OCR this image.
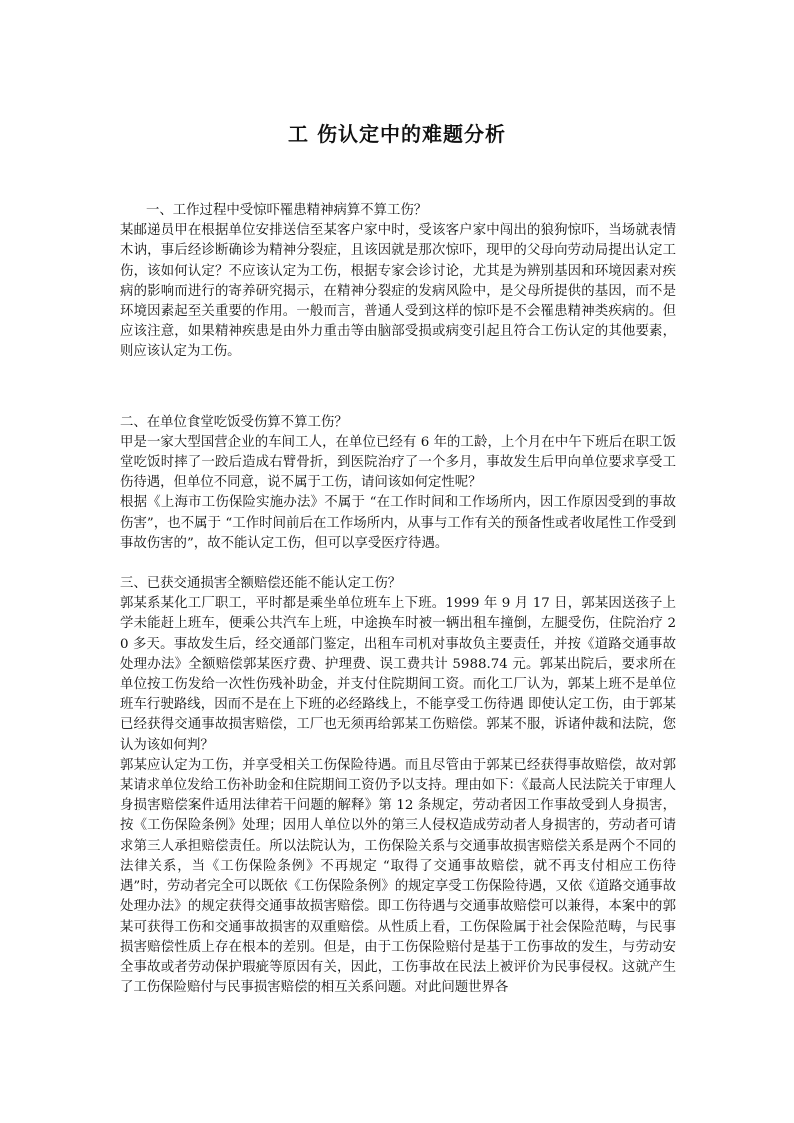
工 伤认定中的难题分析
一、工作过程中受惊吓罹患精神病算不算工伤？

某邮递员甲在根据单位安排送信至某客户家中时，受该客户家中闯出的狼狗惊吓，当场就表情木讷，事后经诊断确诊为精神分裂症，且该因就是那次惊吓，现甲的父母向劳动局提出认定工伤，该如何认定？不应该认定为工伤，根据专家会诊讨论，尤其是为辨别基因和环境因素对疾病的影响而进行的寄养研究揭示，在精神分裂症的发病风险中，是父母所提供的基因，而不是环境因素起至关重要的作用。一般而言，普通人受到这样的惊吓是不会罹患精神类疾病的。但应该注意，如果精神疾患是由外力重击等由脑部受损或病变引起且符合工伤认定的其他要素，则应该认定为工伤。

二、在单位食堂吃饭受伤算不算工伤？

甲是一家大型国营企业的车间工人，在单位已经有 6 年的工龄，上个月在中午下班后在职工饭堂吃饭时摔了一跤后造成右臂骨折，到医院治疗了一个多月，事故发生后甲向单位要求享受工伤待遇，但单位不同意，说不属于工伤，请问该如何定性呢？

根据《上海市工伤保险实施办法》不属于 “在工作时间和工作场所内，因工作原因受到的事故伤害”，也不属于 “工作时间前后在工作场所内，从事与工作有关的预备性或者收尾性工作受到事故伤害的”，故不能认定工伤，但可以享受医疗待遇。

三、已获交通损害全额赔偿还能不能认定工伤？

郭某系某化工厂职工，平时都是乘坐单位班车上下班。1999 年 9 月 17 日，郭某因送孩子上学未能赶上班车，便乘公共汽车上班，中途换车时被一辆出租车撞倒，左腿受伤，住院治疗 20 多天。事故发生后，经交通部门鉴定，出租车司机对事故负主要责任，并按《道路交通事故处理办法》全额赔偿郭某医疗费、护理费、误工费共计 5988.74 元。郭某出院后，要求所在单位按工伤发给一次性伤残补助金，并支付住院期间工资。而化工厂认为，郭某上班不是单位班车行驶路线，因而不是在上下班的必经路线上，不能享受工伤待遇 即使认定工伤，由于郭某已经获得交通事故损害赔偿，工厂也无须再给郭某工伤赔偿。郭某不服，诉诸仲裁和法院，您认为该如何判？

郭某应认定为工伤，并享受相关工伤保险待遇。而且尽管由于郭某已经获得事故赔偿，故对郭某请求单位发给工伤补助金和住院期间工资仍予以支持。理由如下：《最高人民法院关于审理人身损害赔偿案件适用法律若干问题的解释》第 12 条规定，劳动者因工作事故受到人身损害，按《工伤保险条例》处理；因用人单位以外的第三人侵权造成劳动者人身损害的，劳动者可请求第三人承担赔偿责任。所以法院认为，工伤保险关系与交通事故损害赔偿关系是两个不同的法律关系，当《工伤保险条例》不再规定 “取得了交通事故赔偿，就不再支付相应工伤待遇”时，劳动者完全可以既依《工伤保险条例》的规定享受工伤保险待遇，又依《道路交通事故处理办法》的规定获得交通事故损害赔偿。即工伤待遇与交通事故赔偿可以兼得，本案中的郭某可获得工伤和交通事故损害的双重赔偿。从性质上看，工伤保险属于社会保险范畴，与民事损害赔偿性质上存在根本的差别。但是，由于工伤保险赔付是基于工伤事故的发生，与劳动安全事故或者劳动保护瑕疵等原因有关，因此，工伤事故在民法上被评价为民事侵权。这就产生了工伤保险赔付与民事损害赔偿的相互关系问题。对此问题世界各
